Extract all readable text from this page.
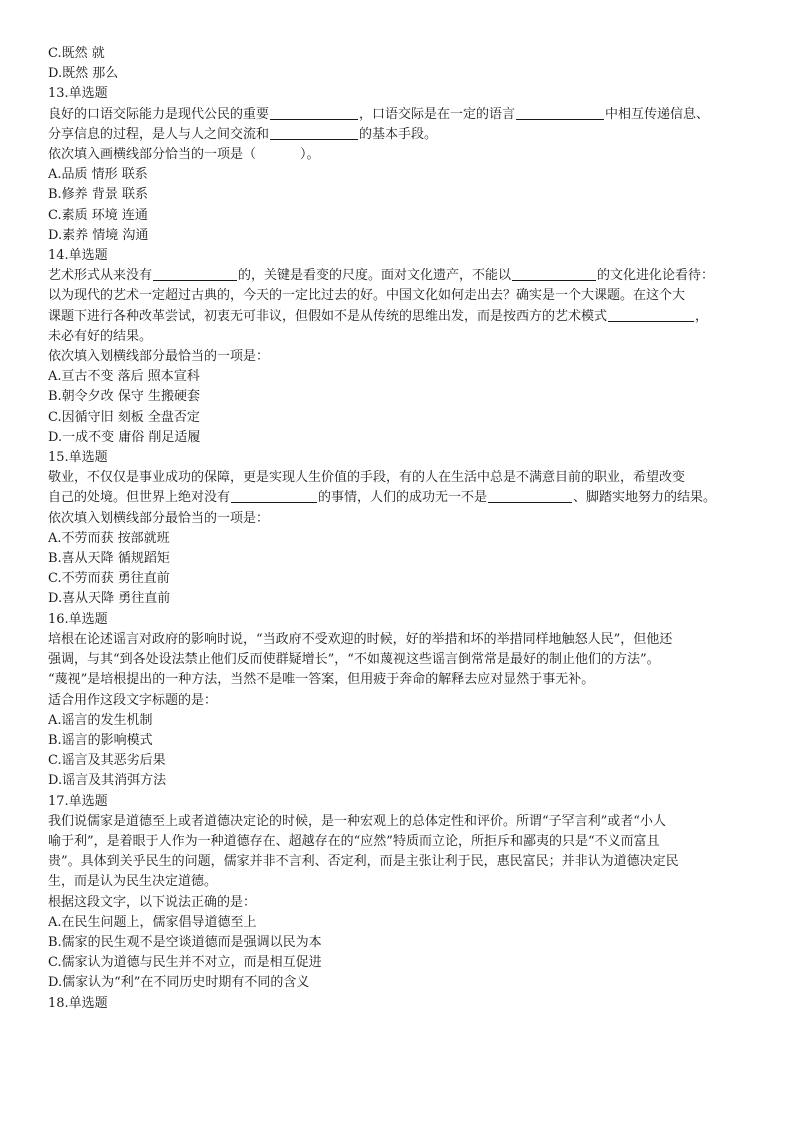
C.既然 就

D.既然 那么

13.单选题

良好的口语交际能力是现代公民的重要	，口语交际是在一定的语言	中相互传递信息、

分享信息的过程，是人与人之间交流和	的基本手段。

依次填入画横线部分恰当的一项是（	）。

A.品质 情形 联系

B.修养 背景 联系

C.素质 环境 连通

D.素养 情境 沟通

14.单选题

艺术形式从来没有	的，关键是看变的尺度。面对文化遗产，不能以	的文化进化论看待：

以为现代的艺术一定超过古典的，今天的一定比过去的好。中国文化如何走出去？确实是一个大课题。在这个大

课题下进行各种改革尝试，初衷无可非议，但假如不是从传统的思维出发，而是按西方的艺术模式	，

未必有好的结果。

依次填入划横线部分最恰当的一项是：

A.亘古不变 落后 照本宣科

B.朝令夕改 保守 生搬硬套

C.因循守旧 刻板 全盘否定

D.一成不变 庸俗 削足适履

15.单选题

敬业，不仅仅是事业成功的保障，更是实现人生价值的手段，有的人在生活中总是不满意目前的职业，希望改变

自己的处境。但世界上绝对没有	的事情，人们的成功无一不是	、脚踏实地努力的结果。

依次填入划横线部分最恰当的一项是：

A.不劳而获 按部就班

B.喜从天降 循规蹈矩

C.不劳而获 勇往直前

D.喜从天降 勇往直前

16.单选题

培根在论述谣言对政府的影响时说，“当政府不受欢迎的时候，好的举措和坏的举措同样地触怒人民”，但他还

强调，与其“到各处设法禁止他们反而使群疑增长”，“不如蔑视这些谣言倒常常是最好的制止他们的方法”。

“蔑视”是培根提出的一种方法，当然不是唯一答案，但用疲于奔命的解释去应对显然于事无补。

适合用作这段文字标题的是：

A.谣言的发生机制

B.谣言的影响模式

C.谣言及其恶劣后果

D.谣言及其消弭方法

17.单选题

我们说儒家是道德至上或者道德决定论的时候，是一种宏观上的总体定性和评价。所谓“子罕言利”或者“小人

喻于利”，是着眼于人作为一种道德存在、超越存在的“应然”特质而立论，所拒斥和鄙夷的只是“不义而富且

贵”。具体到关乎民生的问题，儒家并非不言利、否定利，而是主张让利于民，惠民富民；并非认为道德决定民

生，而是认为民生决定道德。

根据这段文字，以下说法正确的是：

A.在民生问题上，儒家倡导道德至上

B.儒家的民生观不是空谈道德而是强调以民为本

C.儒家认为道德与民生并不对立，而是相互促进

D.儒家认为“利”在不同历史时期有不同的含义

18.单选题
